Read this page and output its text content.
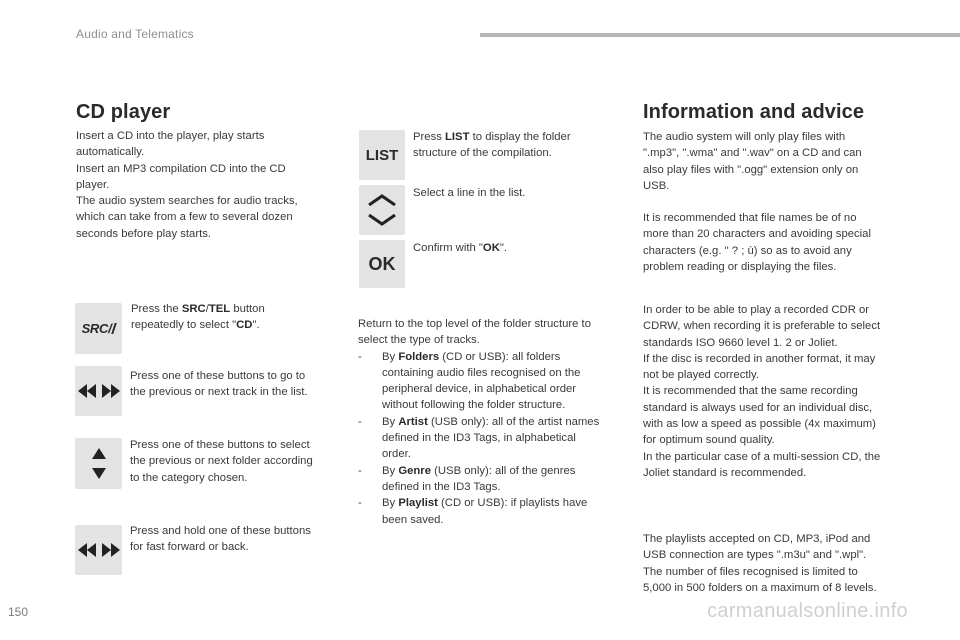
Audio and Telematics
CD player
Insert a CD into the player, play starts
automatically.
Insert an MP3 compilation CD into the CD
player.
The audio system searches for audio tracks,
which can take from a few to several dozen
seconds before play starts.
SRC/
Press the SRC/TEL button
repeatedly to select "CD".
Press one of these buttons to go to
the previous or next track in the list.
Press one of these buttons to select
the previous or next folder according
to the category chosen.
Press and hold one of these buttons
for fast forward or back.
LIST
Press LIST to display the folder
structure of the compilation.
Select a line in the list.
OK
Confirm with "OK".
Return to the top level of the folder structure to
select the type of tracks.
- By Folders (CD or USB): all folders
containing audio files recognised on the
peripheral device, in alphabetical order
without following the folder structure.
- By Artist (USB only): all of the artist names
defined in the ID3 Tags, in alphabetical
order.
- By Genre (USB only): all of the genres
defined in the ID3 Tags.
- By Playlist (CD or USB): if playlists have
been saved.
Information and advice
The audio system will only play files with
".mp3", ".wma" and ".wav" on a CD and can
also play files with ".ogg" extension only on
USB.
It is recommended that file names be of no
more than 20 characters and avoiding special
characters (e.g. " ? ; ù) so as to avoid any
problem reading or displaying the files.
In order to be able to play a recorded CDR or
CDRW, when recording it is preferable to select
standards ISO 9660 level 1. 2 or Joliet.
If the disc is recorded in another format, it may
not be played correctly.
It is recommended that the same recording
standard is always used for an individual disc,
with as low a speed as possible (4x maximum)
for optimum sound quality.
In the particular case of a multi-session CD, the
Joliet standard is recommended.
The playlists accepted on CD, MP3, iPod and
USB connection are types ".m3u" and ".wpl".
The number of files recognised is limited to
5,000 in 500 folders on a maximum of 8 levels.
150	carmanualsonline.info
